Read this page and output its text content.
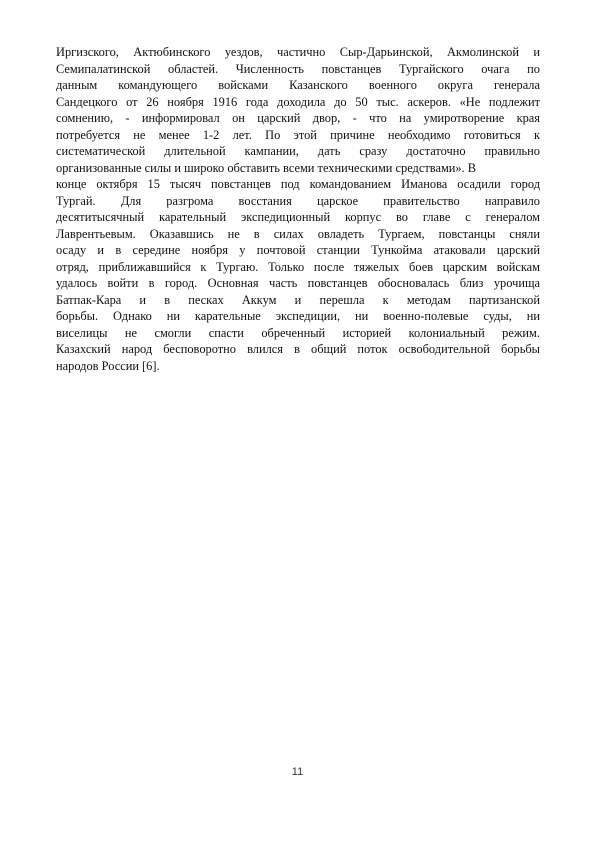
Иргизского, Актюбинского уездов, частично Сыр-Дарьинской, Акмолинской и
Семипалатинской областей. Численность повстанцев Тургайского очага по
данным командующего войсками Казанского военного округа генерала
Сандецкого от 26 ноября 1916 года доходила до 50 тыс. аскеров. «Не подлежит
сомнению, - информировал он царский двор, - что на умиротворение края
потребуется не менее 1-2 лет. По этой причине необходимо готовиться к
систематической длительной кампании, дать сразу достаточно правильно
организованные силы и широко обставить всеми техническими средствами». В
конце октября 15 тысяч повстанцев под командованием Иманова осадили город
Тургай. Для разгрома восстания царское правительство направило
десятитысячный карательный экспедиционный корпус во главе с генералом
Лаврентьевым. Оказавшись не в силах овладеть Тургаем, повстанцы сняли
осаду и в середине ноября у почтовой станции Тункойма атаковали царский
отряд, приближавшийся к Тургаю. Только после тяжелых боев царским войскам
удалось войти в город. Основная часть повстанцев обосновалась близ урочища
Батпак-Кара и в песках Аккум и перешла к методам партизанской
борьбы. Однако ни карательные экспедиции, ни военно-полевые суды, ни
виселицы не смогли спасти обреченный историей колониальный режим.
Казахский народ бесповоротно влился в общий поток освободительной борьбы
народов России [6].
11
